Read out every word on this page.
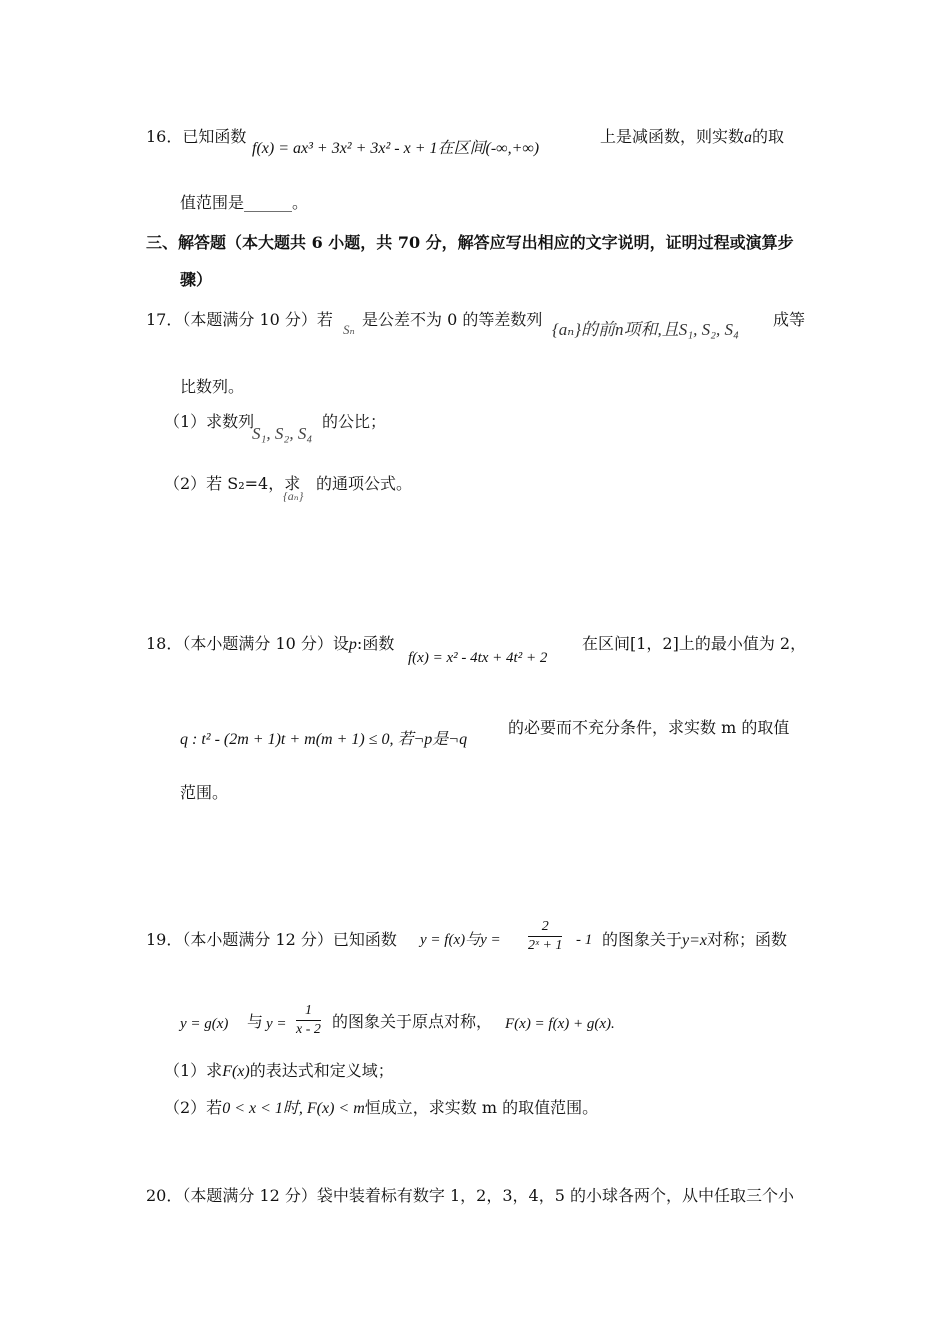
16．已知函数
f(x) = ax³ + 3x² + 3x² - x + 1在区间(-∞,+∞)
上是减函数，则实数a的取
值范围是______。
三、解答题（本大题共 6 小题，共 70 分，解答应写出相应的文字说明，证明过程或演算步
骤）
17．（本题满分 10 分）若
Sₙ
是公差不为 0 的等差数列
{aₙ}的前n项和,且S₁, S₂, S₄
成等
比数列。
（1）求数列
S₁, S₂, S₄
的公比；
（2）若 S₂=4，求
{aₙ}
的通项公式。
18．（本小题满分 10 分）设p:函数
f(x) = x² - 4tx + 4t² + 2
在区间[1，2]上的最小值为 2，
q : t² - (2m + 1)t + m(m + 1) ≤ 0, 若¬p是¬q
的必要而不充分条件，求实数 m 的取值
范围。
19．（本小题满分 12 分）已知函数 y = f(x)与$y = \frac{2}{\text{2ˣ + 1}} - 1$ 的图象关于y=x对称；函数
y = g(x) 与 $y = \frac{1}{x - 2}$ 的图象关于原点对称， F(x) = f(x) + g(x).
（1）求F(x)的表达式和定义域；
（2）若0 < x < 1时, F(x) < m恒成立，求实数 m 的取值范围。
20．（本题满分 12 分）袋中装着标有数字 1，2，3，4，5 的小球各两个，从中任取三个小
